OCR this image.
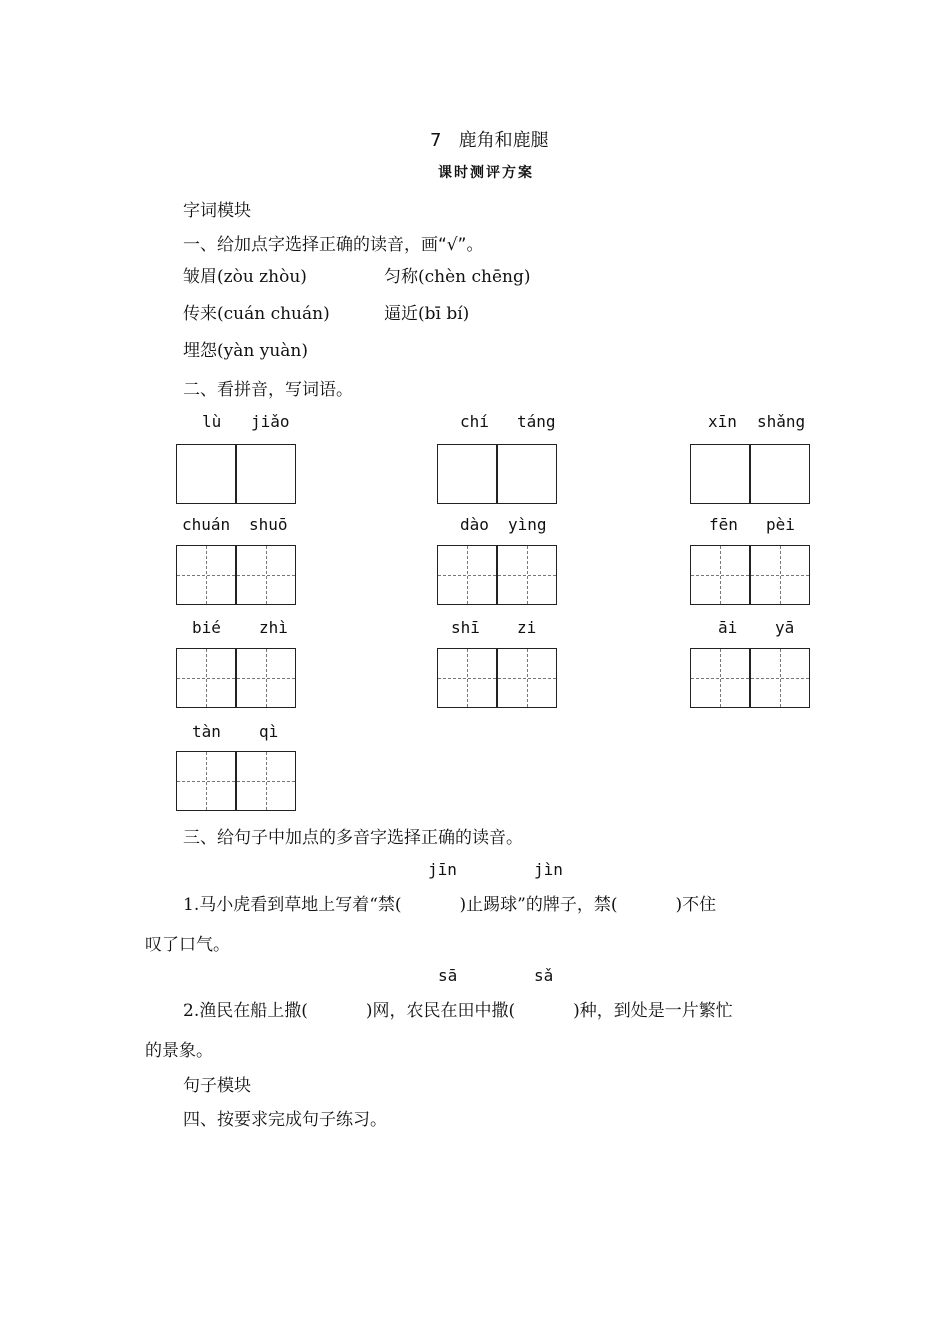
7 鹿角和鹿腿
课时测评方案
字词模块
一、给加点字选择正确的读音，画“√”。
皱眉(zòu zhòu)	匀称(chèn chēng)
传来(cuán chuán)	逼近(bī bí)
埋怨(yàn yuàn)
二、看拼音，写词语。
lù jiǎo	chí táng	xīn shǎng
chuán shuō	dào yìng	fēn pèi
bié zhì	shī zi	āi yā
tàn qì
三、给句子中加点的多音字选择正确的读音。
jīn	jìn
1.马小虎看到草地上写着“禁(	)止踢球”的牌子，禁(	)不住
叹了口气。
sā	sǎ
2.渔民在船上撒(	)网，农民在田中撒(	)种，到处是一片繁忙
的景象。
句子模块
四、按要求完成句子练习。
